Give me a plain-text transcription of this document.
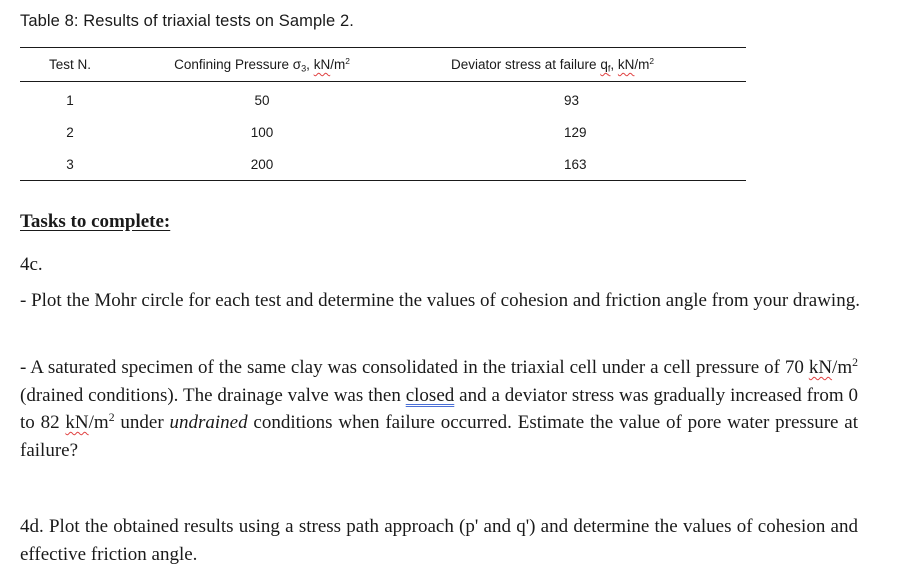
Table 8: Results of triaxial tests on Sample 2.
Test N.	Confining Pressure $\sigma_3$, $kN/m^2$	Deviator stress at failure $q_f$, $kN/m^2$
1	50	93
2	100	129
3	200	163
Tasks to complete:
4c.
- Plot the Mohr circle for each test and determine the values of cohesion and friction angle from your drawing.
- A saturated specimen of the same clay was consolidated in the triaxial cell under a cell pressure of 70 $kN/m^2$ (drained conditions). The drainage valve was then closed and a deviator stress was gradually increased from 0 to 82 $kN/m^2$ under undrained conditions when failure occurred. Estimate the value of pore water pressure at failure?
4d. Plot the obtained results using a stress path approach (p' and q') and determine the values of cohesion and effective friction angle.
